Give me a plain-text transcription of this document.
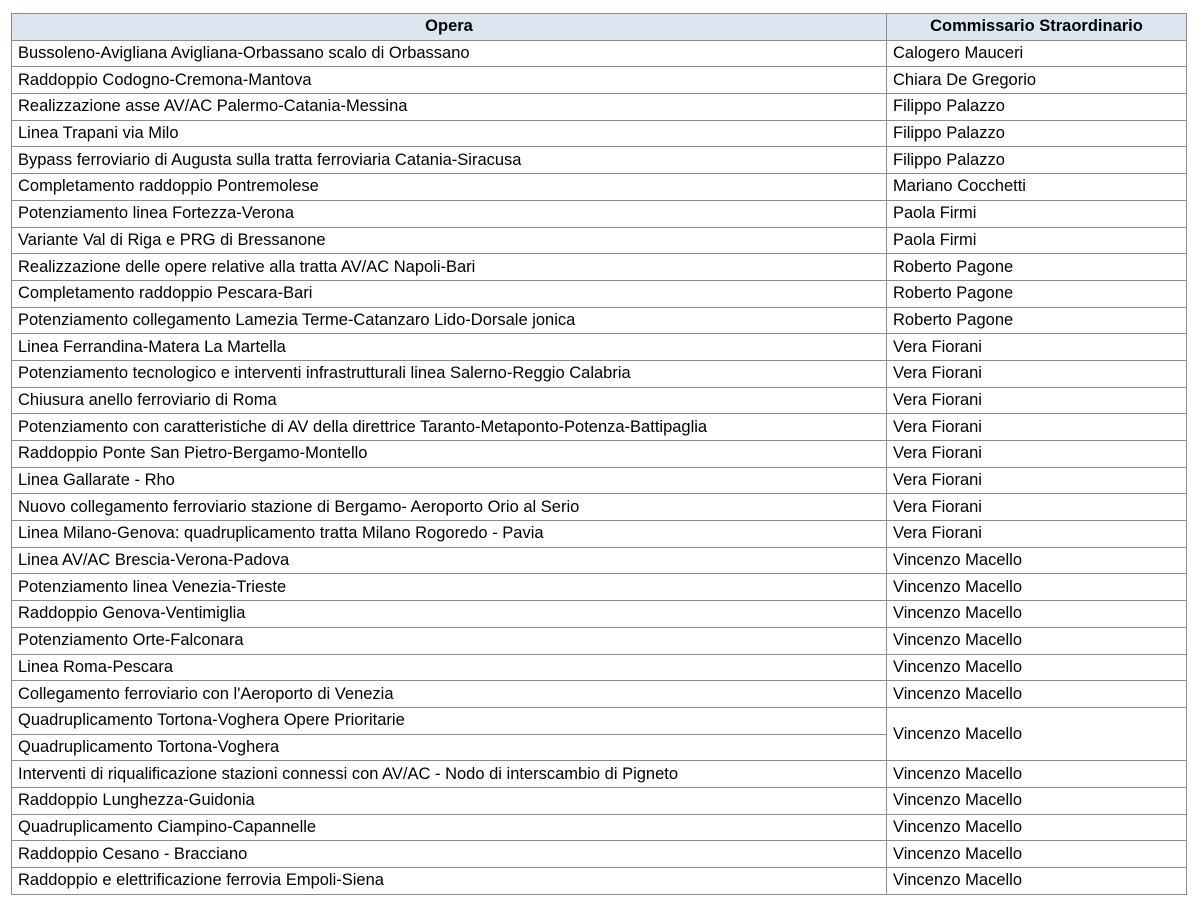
Opera	Commissario Straordinario
Bussoleno-Avigliana Avigliana-Orbassano scalo di Orbassano	Calogero Mauceri
Raddoppio Codogno-Cremona-Mantova	Chiara De Gregorio
Realizzazione asse AV/AC Palermo-Catania-Messina	Filippo Palazzo
Linea Trapani via Milo	Filippo Palazzo
Bypass ferroviario di Augusta sulla tratta ferroviaria Catania-Siracusa	Filippo Palazzo
Completamento raddoppio Pontremolese	Mariano Cocchetti
Potenziamento linea Fortezza-Verona	Paola Firmi
Variante Val di Riga e PRG di Bressanone	Paola Firmi
Realizzazione delle opere relative alla tratta AV/AC Napoli-Bari	Roberto Pagone
Completamento raddoppio Pescara-Bari	Roberto Pagone
Potenziamento collegamento Lamezia Terme-Catanzaro Lido-Dorsale jonica	Roberto Pagone
Linea Ferrandina-Matera La Martella	Vera Fiorani
Potenziamento tecnologico e interventi infrastrutturali linea Salerno-Reggio Calabria	Vera Fiorani
Chiusura anello ferroviario di Roma	Vera Fiorani
Potenziamento con caratteristiche di AV della direttrice Taranto-Metaponto-Potenza-Battipaglia	Vera Fiorani
Raddoppio Ponte San Pietro-Bergamo-Montello	Vera Fiorani
Linea Gallarate - Rho	Vera Fiorani
Nuovo collegamento ferroviario stazione di Bergamo- Aeroporto Orio al Serio	Vera Fiorani
Linea Milano-Genova: quadruplicamento tratta Milano Rogoredo - Pavia	Vera Fiorani
Linea AV/AC Brescia-Verona-Padova	Vincenzo Macello
Potenziamento linea Venezia-Trieste	Vincenzo Macello
Raddoppio Genova-Ventimiglia	Vincenzo Macello
Potenziamento Orte-Falconara	Vincenzo Macello
Linea Roma-Pescara	Vincenzo Macello
Collegamento ferroviario con l'Aeroporto di Venezia	Vincenzo Macello
Quadruplicamento Tortona-Voghera Opere Prioritarie	Vincenzo Macello
Quadruplicamento Tortona-Voghera	
Interventi di riqualificazione stazioni connessi con AV/AC - Nodo di interscambio di Pigneto	Vincenzo Macello
Raddoppio Lunghezza-Guidonia	Vincenzo Macello
Quadruplicamento Ciampino-Capannelle	Vincenzo Macello
Raddoppio Cesano - Bracciano	Vincenzo Macello
Raddoppio e elettrificazione ferrovia Empoli-Siena	Vincenzo Macello
